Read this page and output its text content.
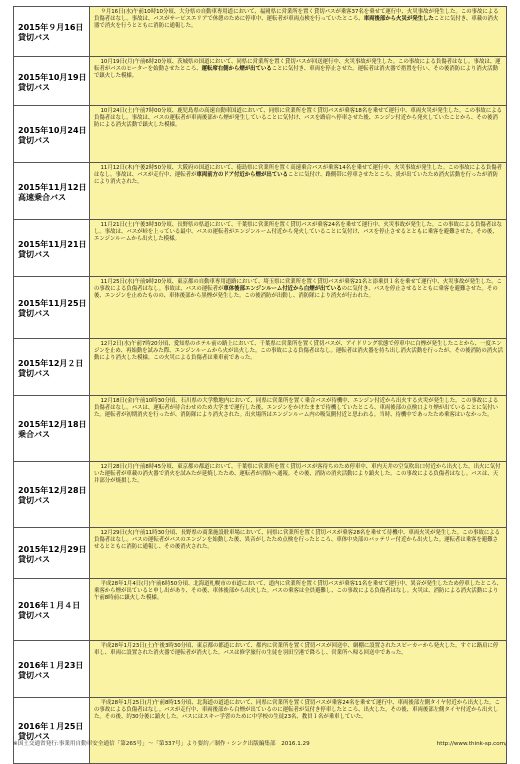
2015年９月16日
貸切バス

９月16日(水)午前10時10分頃、大分県の自動車専用道において、福岡県に営業所を置く貸切バスが乗客37名を乗せて運行中、火災事故が発生した。この事故による負傷者はなし。事故は、バスがサービスエリアで休憩のために停車中、運転者が車両点検を行っていたところ、車両後部から火災が発生したことに気付き、車載の消火器で消火を行うとともに消防に通報した。

2015年10月19日
貸切バス

10月19日(月)午前6時20分頃、茨城県の国道において、同県に営業所を置く貸切バスが回送運行中、火災事故が発生した。この事故による負傷者はなし。事故は、運転者がバスのヒーターを始動させたところ、運転席右側から煙が出ていることに気付き、車両を停止させた。運転者は消火器で措置を行い、その後消防により消火活動で鎮火した模様。

2015年10月24日
貸切バス

10月24日(土)午前7時00分頃、鹿児島県の高速自動車国道において、同県に営業所を置く貸切バスが乗客18名を乗せて運行中、車両火災が発生した。この事故による負傷者はなし。事故は、バスの運転者が車両後部から煙が発生していることに気付け、バスを路肩へ停車させた後、エンジン付近から発火していたことから、その後消防による消火活動で鎮火した模様。

2015年11月12日
高速乗合バス

11月12日(木)午後2時50分頃、大阪府の国道において、徳島県に営業所を置く高速乗合バスが乗客14名を乗せて運行中、火災事故が発生した。この事故による負傷者はなし。事故は、バスが走行中、運転者が車両前方のドア付近から煙が出ていることに気付け、路側帯に停車させたところ、炎が出ていたため消火活動を行ったが消防により消火された。

2015年11月21日
貸切バス

11月21日(土)午後3時30分頃、長野県の県道において、千葉県に営業所を置く貸切バスが乗客24名を乗せて運行中、火災事故が発生した。この事故による負傷者はなし。事故は、バスが峠を上っている最中、バスの運転者がエンジンルーム付近から発火していることに気付け、バスを停止させるとともに乗客を避難させた。その後、エンジンルームから出火した模様。

2015年11月25日
貸切バス

11月25日(水)午前9時20分頃、東京都の自動車専用道路において、埼玉県に営業所を置く貸切バスが乗客21名と添乗員１名を乗せて運行中、火災事故が発生した。この事故による負傷者はなし。事故は、バスの運転者が車体後部エンジンルーム付近から白煙が出ているのに気付き、バスを停止させるとともに乗客を避難させた。その後、エンジンを止めたものの、車体後部から黒煙が発生した。この後消防が出動し、消防隊により消火が行われた。

2015年12月２日
貸切バス

12月2日(水)午前7時20分頃、愛知県のホテル前の路上において、千葉県に営業所を置く貸切バスが、アイドリング状態で停車中に白煙が発生したことから、一度エンジンを止め、再始動を試みた際、エンジンルームから火が出火した。この事故による負傷者はなし。運転者は消火器を持ち出し消火活動を行ったが、その後消防の消火活動により消火した模様。この火災による負傷者は乗車前であった。

2015年12月18日
乗合バス

12月18日(金)午前10時30分頃、石川県の大学敷地内において、同県に営業所を置く乗合バスが待機中、エンジン付近から出火する火災が発生した。この事故による負傷者はなし。バスは、運転者が待合わせのため大学まで運行した後、エンジンをかけたままで待機していたところ、車両後部の点検口より煙が出ていることに気付いた。運転者が初期消火を行ったが、消防隊により消火された。出火場所はエンジンルーム内の吸気側付近と思われる。当時、待機中であったため乗客はいなかった。

2015年12月28日
貸切バス

12月28日(月)午前8時45分頃、東京都の都道において、千葉県に営業所を置く貸切バスが客待ちのため停車中、車内天井の空気吹出口付近から出火した。出火に気付いた運転者が車載の消火器で消火を試みたが延焼したため、運転者が消防へ通報。その後、消防の消火活動により鎮火した。この事故による負傷者はなし。バスは、天井部分が焼損した。

2015年12月29日
貸切バス

12月29日(火)午前11時30分頃、長野県の商業施設駐車場において、同県に営業所を置く貸切バスが乗客28名を乗せて待機中、車両火災が発生した。この事故による負傷者はなし。バスの運転者がバスのエンジンを始動した後、異音がしたため点検を行ったところ、車体中央部のバッテリー付近から出火した。運転者は乗客を避難させるとともに消防に通報し、その後消火された。

2016年１月４日
貸切バス

平成28年1月4日(月)午前6時50分頃、北海道札幌市の市道において、道内に営業所を置く貸切バスが乗客11名を乗せて運行中、異音が発生したため停車したところ、乗客から煙が出ていると申し出があり、その後、車体後部から出火した。バスの乗客は全員避難し、この事故による負傷者はなし。火災は、消防による消火活動により午前8時前に鎮火した模様。

2016年１月23日
貸切バス

平成28年1月23日(土)午後3時30分頃、東京都の都道において、都内に営業所を置く貸切バスが回送中、網棚に設置されたスピーカーから発火した。すぐに路肩に停車し、車両に設置された消火器で運転者が消火した。バスは修学旅行の生徒を羽田空港で降ろし、営業所へ帰る回送中であった。

2016年１月25日
貸切バス

平成28年1月25日(月)午前8時15分頃、北海道の道道において、同県に営業所を置く貸切バスが乗客24名を乗せて運行中、車両後部左側タイヤ付近から出火した。この事故による負傷者はなし。バスが走行中、車両後部から白煙が出ているのに運転者が気付き停車したところ、出火した。その後、車両後部左側タイヤ付近から出火した。その後、約30分後に鎮火した。バスにはスキー学習のために中学校の生徒23名、教員１名が乗車していた。

※国土交通省発行:事業用自動車安全通信「第265号」～「第337号」より要約／制作・シンク出版編集部　2016.1.29	http://www.think-sp.com/
